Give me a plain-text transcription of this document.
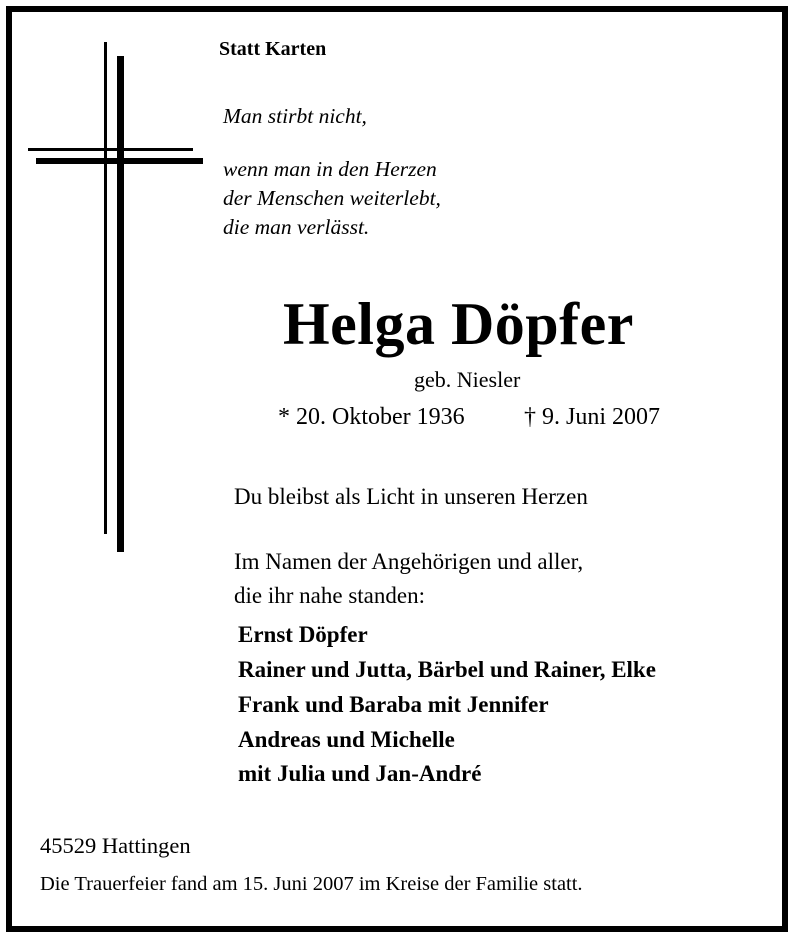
Statt Karten
Man stirbt nicht,
wenn man in den Herzen
der Menschen weiterlebt,
die man verlässt.
Helga Döpfer
geb. Niesler
* 20. Oktober 1936 † 9. Juni 2007
Du bleibst als Licht in unseren Herzen
Im Namen der Angehörigen und aller,
die ihr nahe standen:
Ernst Döpfer
Rainer und Jutta, Bärbel und Rainer, Elke
Frank und Baraba mit Jennifer
Andreas und Michelle
mit Julia und Jan-André
45529 Hattingen
Die Trauerfeier fand am 15. Juni 2007 im Kreise der Familie statt.
